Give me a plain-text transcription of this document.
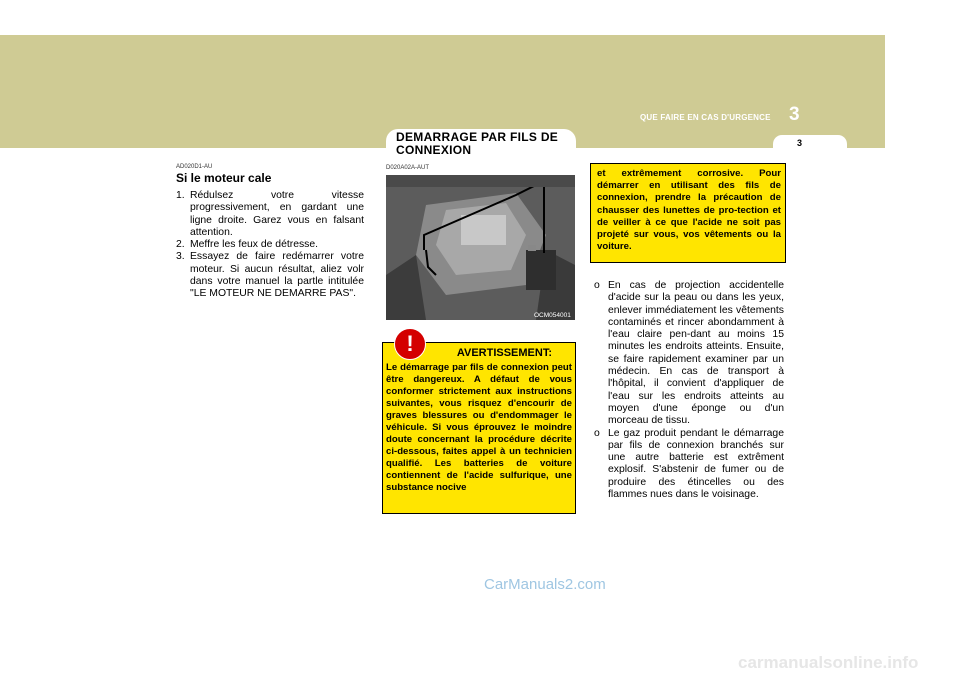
3
QUE FAIRE EN CAS D'URGENCE
3
AD020D1-AU
Si le moteur cale
1. Rédulsez votre vitesse progressivement, en gardant une ligne droite. Garez vous en falsant attention.
2. Meffre les feux de détresse.
3. Essayez de faire redémarrer votre moteur. Si aucun résultat, aliez volr dans votre manuel la partle intitulée "LE MOTEUR NE DEMARRE PAS".
DEMARRAGE PAR FILS DE CONNEXION
D020A02A-AUT
OCM054001
AVERTISSEMENT:
Le démarrage par fils de connexion peut être dangereux. A défaut de vous conformer strictement aux instructions suivantes, vous risquez d'encourir de graves blessures ou d'endommager le véhicule. Si vous éprouvez le moindre doute concernant la procédure décrite ci-dessous, faites appel à un technicien qualifié. Les batteries de voiture contiennent de l'acide sulfurique, une substance nocive
!
et extrêmement corrosive. Pour démarrer en utilisant des fils de connexion, prendre la précaution de chausser des lunettes de pro-tection et de veiller à ce que l'acide ne soit pas projeté sur vous, vos vêtements ou la voiture.
o En cas de projection accidentelle d'acide sur la peau ou dans les yeux, enlever immédiatement les vêtements contaminés et rincer abondamment à l'eau claire pen-dant au moins 15 minutes les endroits atteints. Ensuite, se faire rapidement examiner par un médecin. En cas de transport à l'hôpital, il convient d'appliquer de l'eau sur les endroits atteints au moyen d'une éponge ou d'un morceau de tissu.
o Le gaz produit pendant le démarrage par fils de connexion branchés sur une autre batterie est extrêment explosif. S'abstenir de fumer ou de produire des étincelles ou des flammes nues dans le voisinage.
CarManuals2.com
carmanualsonline.info
